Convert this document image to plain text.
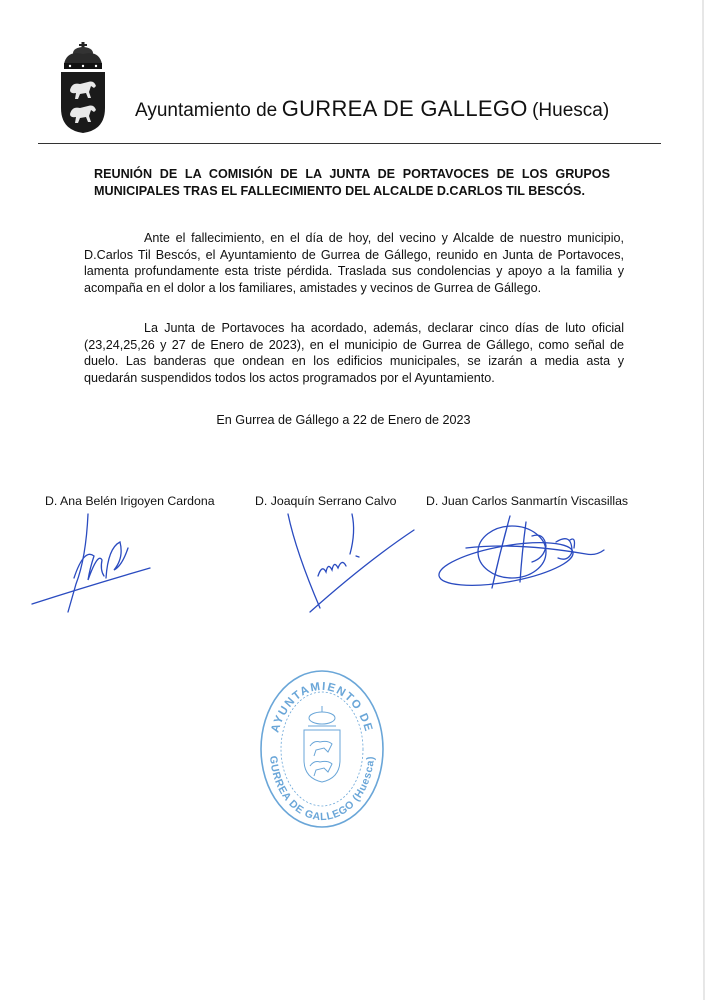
Ayuntamiento de GURREA DE GALLEGO (Huesca)
REUNIÓN DE LA COMISIÓN DE LA JUNTA DE PORTAVOCES DE LOS GRUPOS MUNICIPALES TRAS EL FALLECIMIENTO DEL ALCALDE D.CARLOS TIL BESCÓS.
Ante el fallecimiento, en el día de hoy, del vecino y Alcalde de nuestro municipio, D.Carlos Til Bescós, el Ayuntamiento de Gurrea de Gállego, reunido en Junta de Portavoces, lamenta profundamente esta triste pérdida. Traslada sus condolencias y apoyo a la familia y acompaña en el dolor a los familiares, amistades y vecinos de Gurrea de Gállego.
La Junta de Portavoces ha acordado, además, declarar cinco días de luto oficial (23,24,25,26 y 27 de Enero de 2023), en el municipio de Gurrea de Gállego, como señal de duelo. Las banderas que ondean en los edificios municipales, se izarán a media asta y quedarán suspendidos todos los actos programados por el Ayuntamiento.
En Gurrea de Gállego a 22 de Enero de 2023
D. Ana Belén Irigoyen Cardona	D. Joaquín Serrano Calvo D. Juan Carlos Sanmartín Viscasillas
AYUNTAMIENTO DE
GURREA DE GALLEGO (Huesca)
